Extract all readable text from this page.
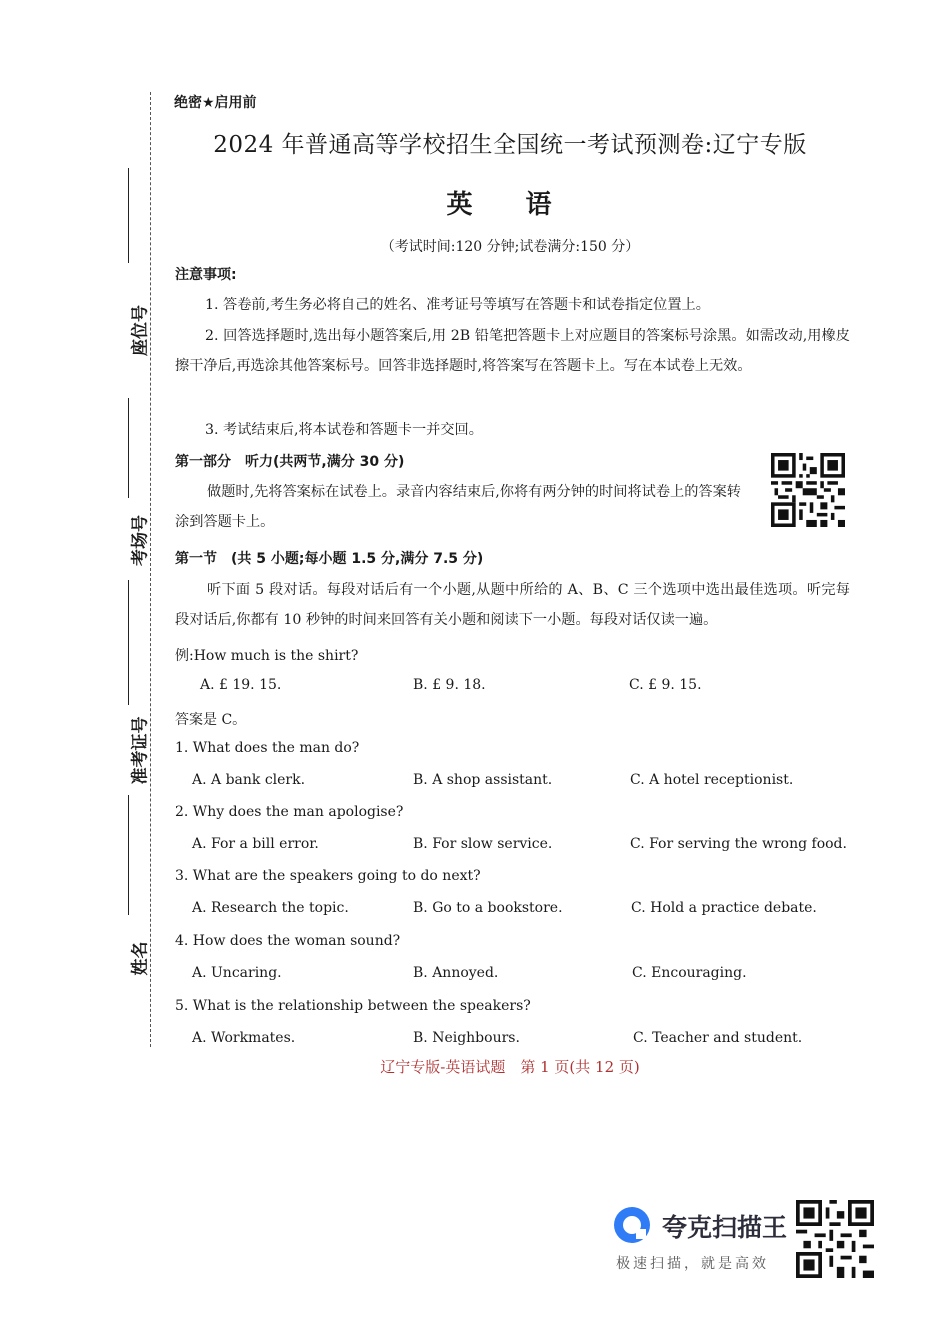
座位号
考场号
准考证号
姓名
绝密★启用前
2024 年普通高等学校招生全国统一考试预测卷:辽宁专版
英 语
（考试时间:120 分钟;试卷满分:150 分）
注意事项:
1. 答卷前,考生务必将自己的姓名、准考证号等填写在答题卡和试卷指定位置上。
2. 回答选择题时,选出每小题答案后,用 2B 铅笔把答题卡上对应题目的答案标号涂黑。如需改动,用橡皮擦干净后,再选涂其他答案标号。回答非选择题时,将答案写在答题卡上。写在本试卷上无效。
3. 考试结束后,将本试卷和答题卡一并交回。
第一部分　听力(共两节,满分 30 分)
做题时,先将答案标在试卷上。录音内容结束后,你将有两分钟的时间将试卷上的答案转涂到答题卡上。
第一节　(共 5 小题;每小题 1.5 分,满分 7.5 分)
听下面 5 段对话。每段对话后有一个小题,从题中所给的 A、B、C 三个选项中选出最佳选项。听完每段对话后,你都有 10 秒钟的时间来回答有关小题和阅读下一小题。每段对话仅读一遍。
例:How much is the shirt?
A. £ 19. 15.	B. £ 9. 18.	C. £ 9. 15.
答案是 C。
1. What does the man do?
A. A bank clerk.	B. A shop assistant.	C. A hotel receptionist.
2. Why does the man apologise?
A. For a bill error.	B. For slow service.	C. For serving the wrong food.
3. What are the speakers going to do next?
A. Research the topic.	B. Go to a bookstore.	C. Hold a practice debate.
4. How does the woman sound?
A. Uncaring.	B. Annoyed.	C. Encouraging.
5. What is the relationship between the speakers?
A. Workmates.	B. Neighbours.	C. Teacher and student.
辽宁专版-英语试题　第 1 页(共 12 页)
夸克扫描王
极速扫描，就是高效
